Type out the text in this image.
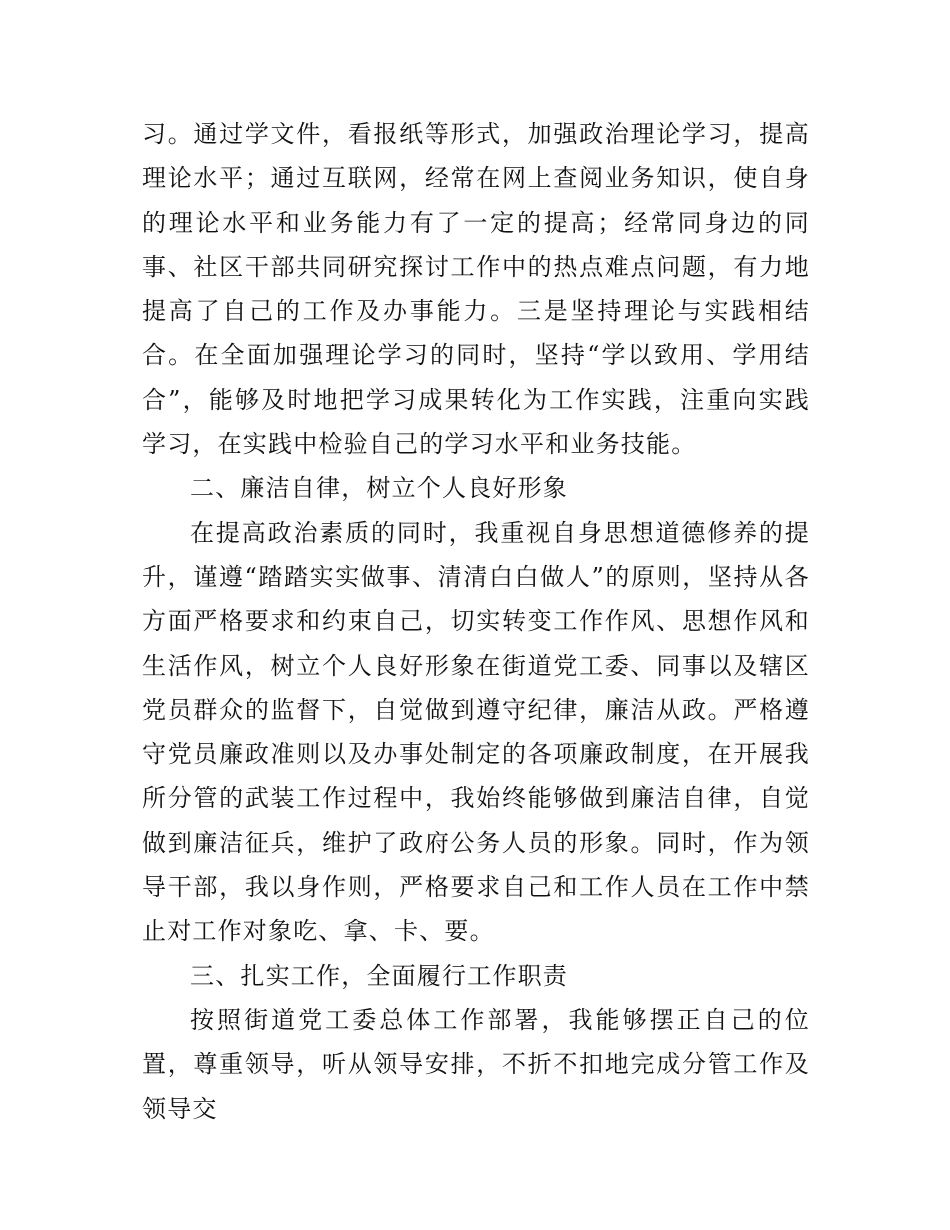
习。通过学文件，看报纸等形式，加强政治理论学习，提高理论水平；通过互联网，经常在网上查阅业务知识，使自身的理论水平和业务能力有了一定的提高；经常同身边的同事、社区干部共同研究探讨工作中的热点难点问题，有力地提高了自己的工作及办事能力。三是坚持理论与实践相结合。在全面加强理论学习的同时，坚持“学以致用、学用结合”，能够及时地把学习成果转化为工作实践，注重向实践学习，在实践中检验自己的学习水平和业务技能。

二、廉洁自律，树立个人良好形象

在提高政治素质的同时，我重视自身思想道德修养的提升，谨遵“踏踏实实做事、清清白白做人”的原则，坚持从各方面严格要求和约束自己，切实转变工作作风、思想作风和生活作风，树立个人良好形象在街道党工委、同事以及辖区党员群众的监督下，自觉做到遵守纪律，廉洁从政。严格遵守党员廉政准则以及办事处制定的各项廉政制度，在开展我所分管的武装工作过程中，我始终能够做到廉洁自律，自觉做到廉洁征兵，维护了政府公务人员的形象。同时，作为领导干部，我以身作则，严格要求自己和工作人员在工作中禁止对工作对象吃、拿、卡、要。

三、扎实工作，全面履行工作职责

按照街道党工委总体工作部署，我能够摆正自己的位置，尊重领导，听从领导安排，不折不扣地完成分管工作及领导交
